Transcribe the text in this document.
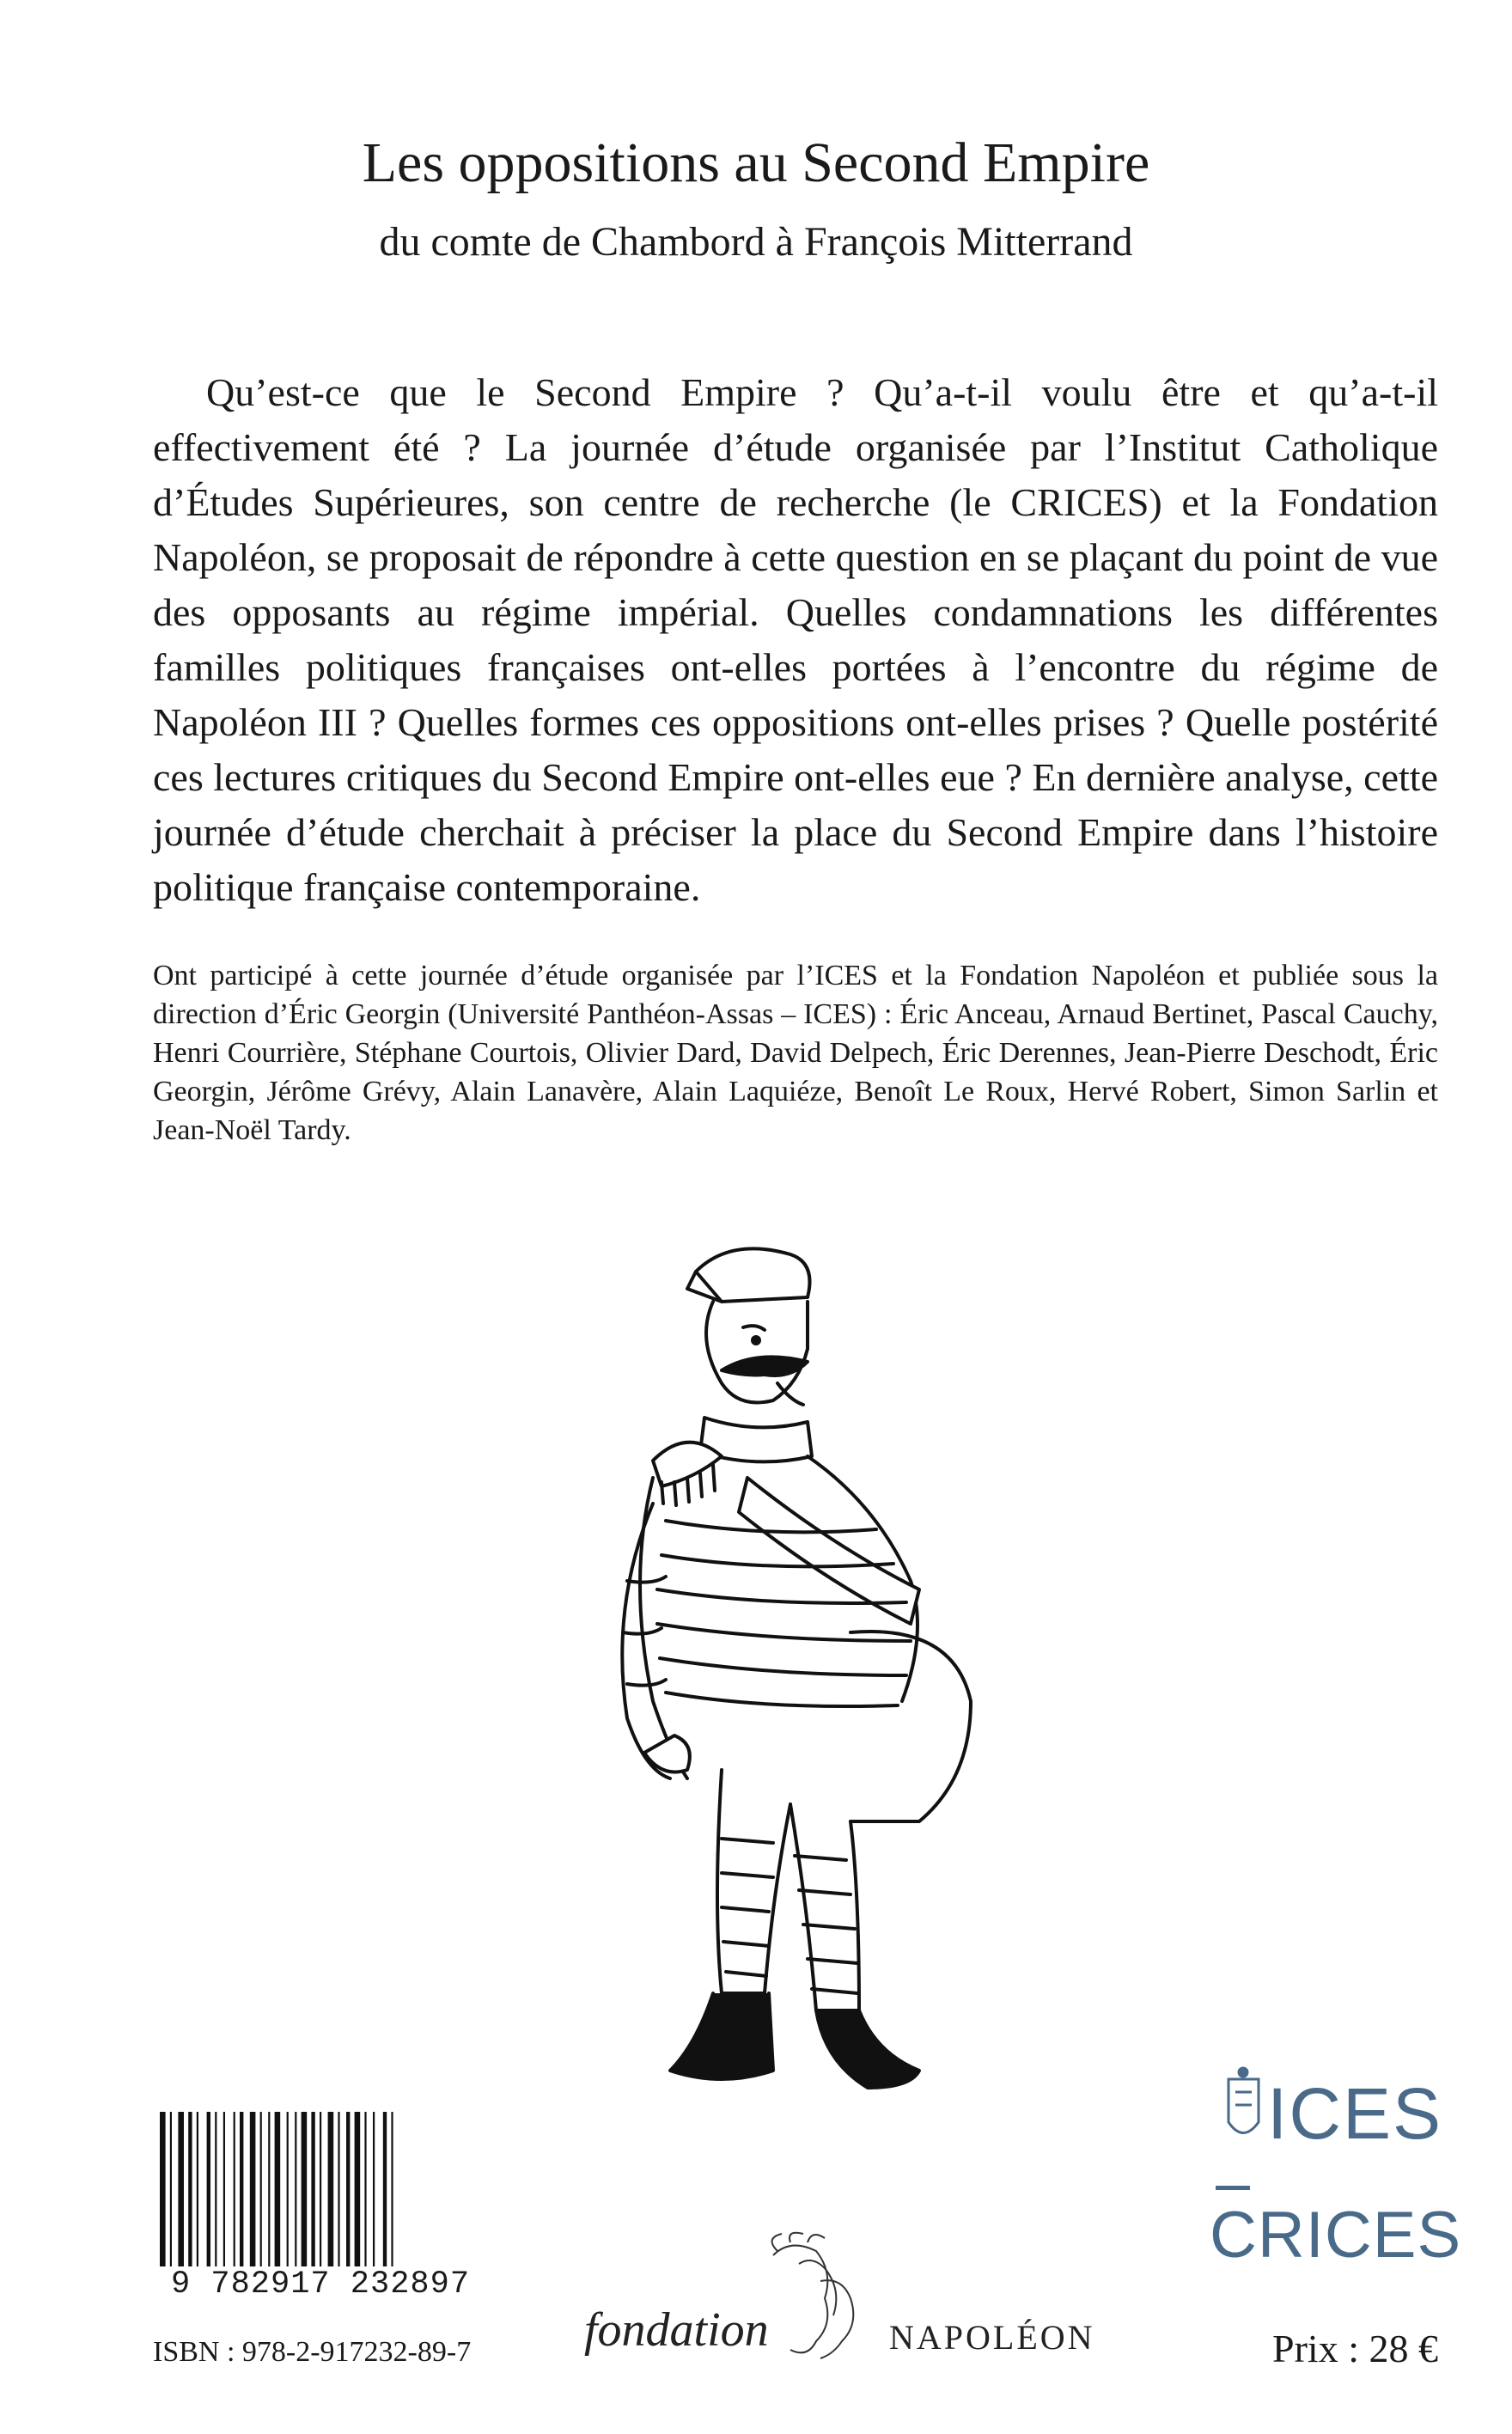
Les oppositions au Second Empire
du comte de Chambord à François Mitterrand

Qu’est-ce que le Second Empire ? Qu’a-t-il voulu être et qu’a-t-il effectivement été ? La journée d’étude organisée par l’Institut Catholique d’Études Supérieures, son centre de recherche (le CRICES) et la Fondation Napoléon, se proposait de répondre à cette question en se plaçant du point de vue des opposants au régime impérial. Quelles condamnations les différentes familles politiques françaises ont-elles portées à l’encontre du régime de Napoléon III ? Quelles formes ces oppositions ont-elles prises ? Quelle postérité ces lectures critiques du Second Empire ont-elles eue ? En dernière analyse, cette journée d’étude cherchait à préciser la place du Second Empire dans l’histoire politique française contemporaine.

Ont participé à cette journée d’étude organisée par l’ICES et la Fondation Napoléon et publiée sous la direction d’Éric Georgin (Université Panthéon-Assas – ICES) : Éric Anceau, Arnaud Bertinet, Pascal Cauchy, Henri Courrière, Stéphane Courtois, Olivier Dard, David Delpech, Éric Derennes, Jean-Pierre Deschodt, Éric Georgin, Jérôme Grévy, Alain Lanavère, Alain Laquiéze, Benoît Le Roux, Hervé Robert, Simon Sarlin et Jean-Noël Tardy.

9 782917 232897
ISBN : 978-2-917232-89-7 fondation	NAPOLÉON
ICES
CRICES
Prix : 28 €
